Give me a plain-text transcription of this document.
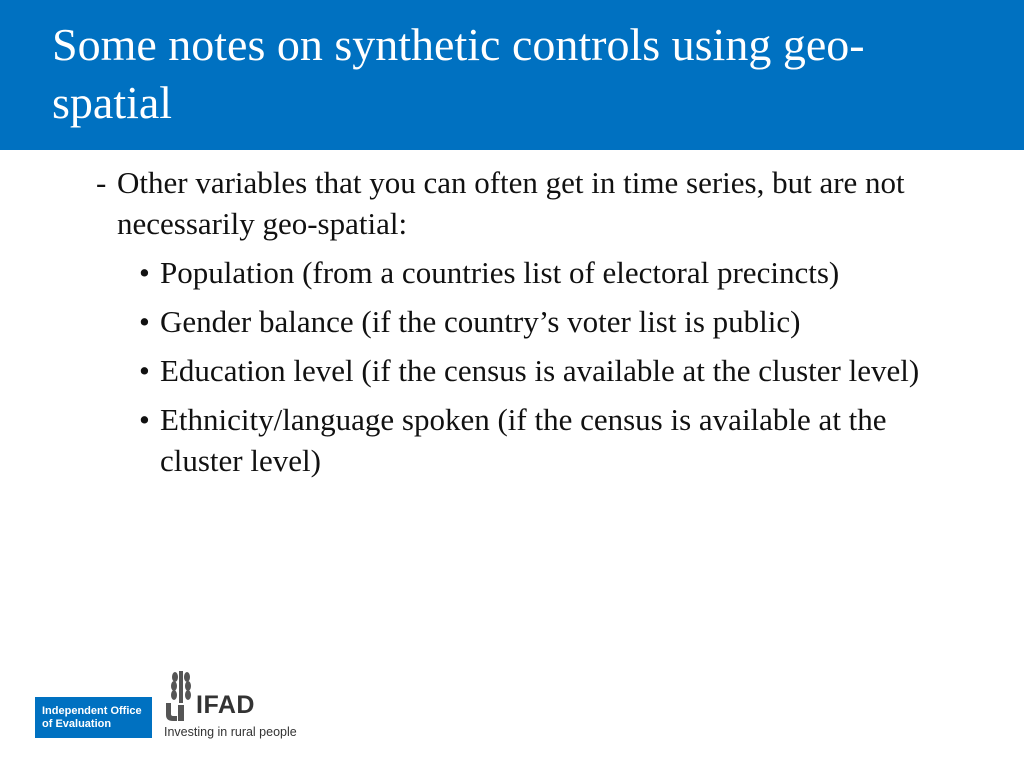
Some notes on synthetic controls using geo-spatial
- Other variables that you can often get in time series, but are not necessarily geo-spatial:
• Population (from a countries list of electoral precincts)
• Gender balance (if the country’s voter list is public)
• Education level (if the census is available at the cluster level)
• Ethnicity/language spoken (if the census is available at the cluster level)
Independent Office
of Evaluation
IFAD
Investing in rural people
